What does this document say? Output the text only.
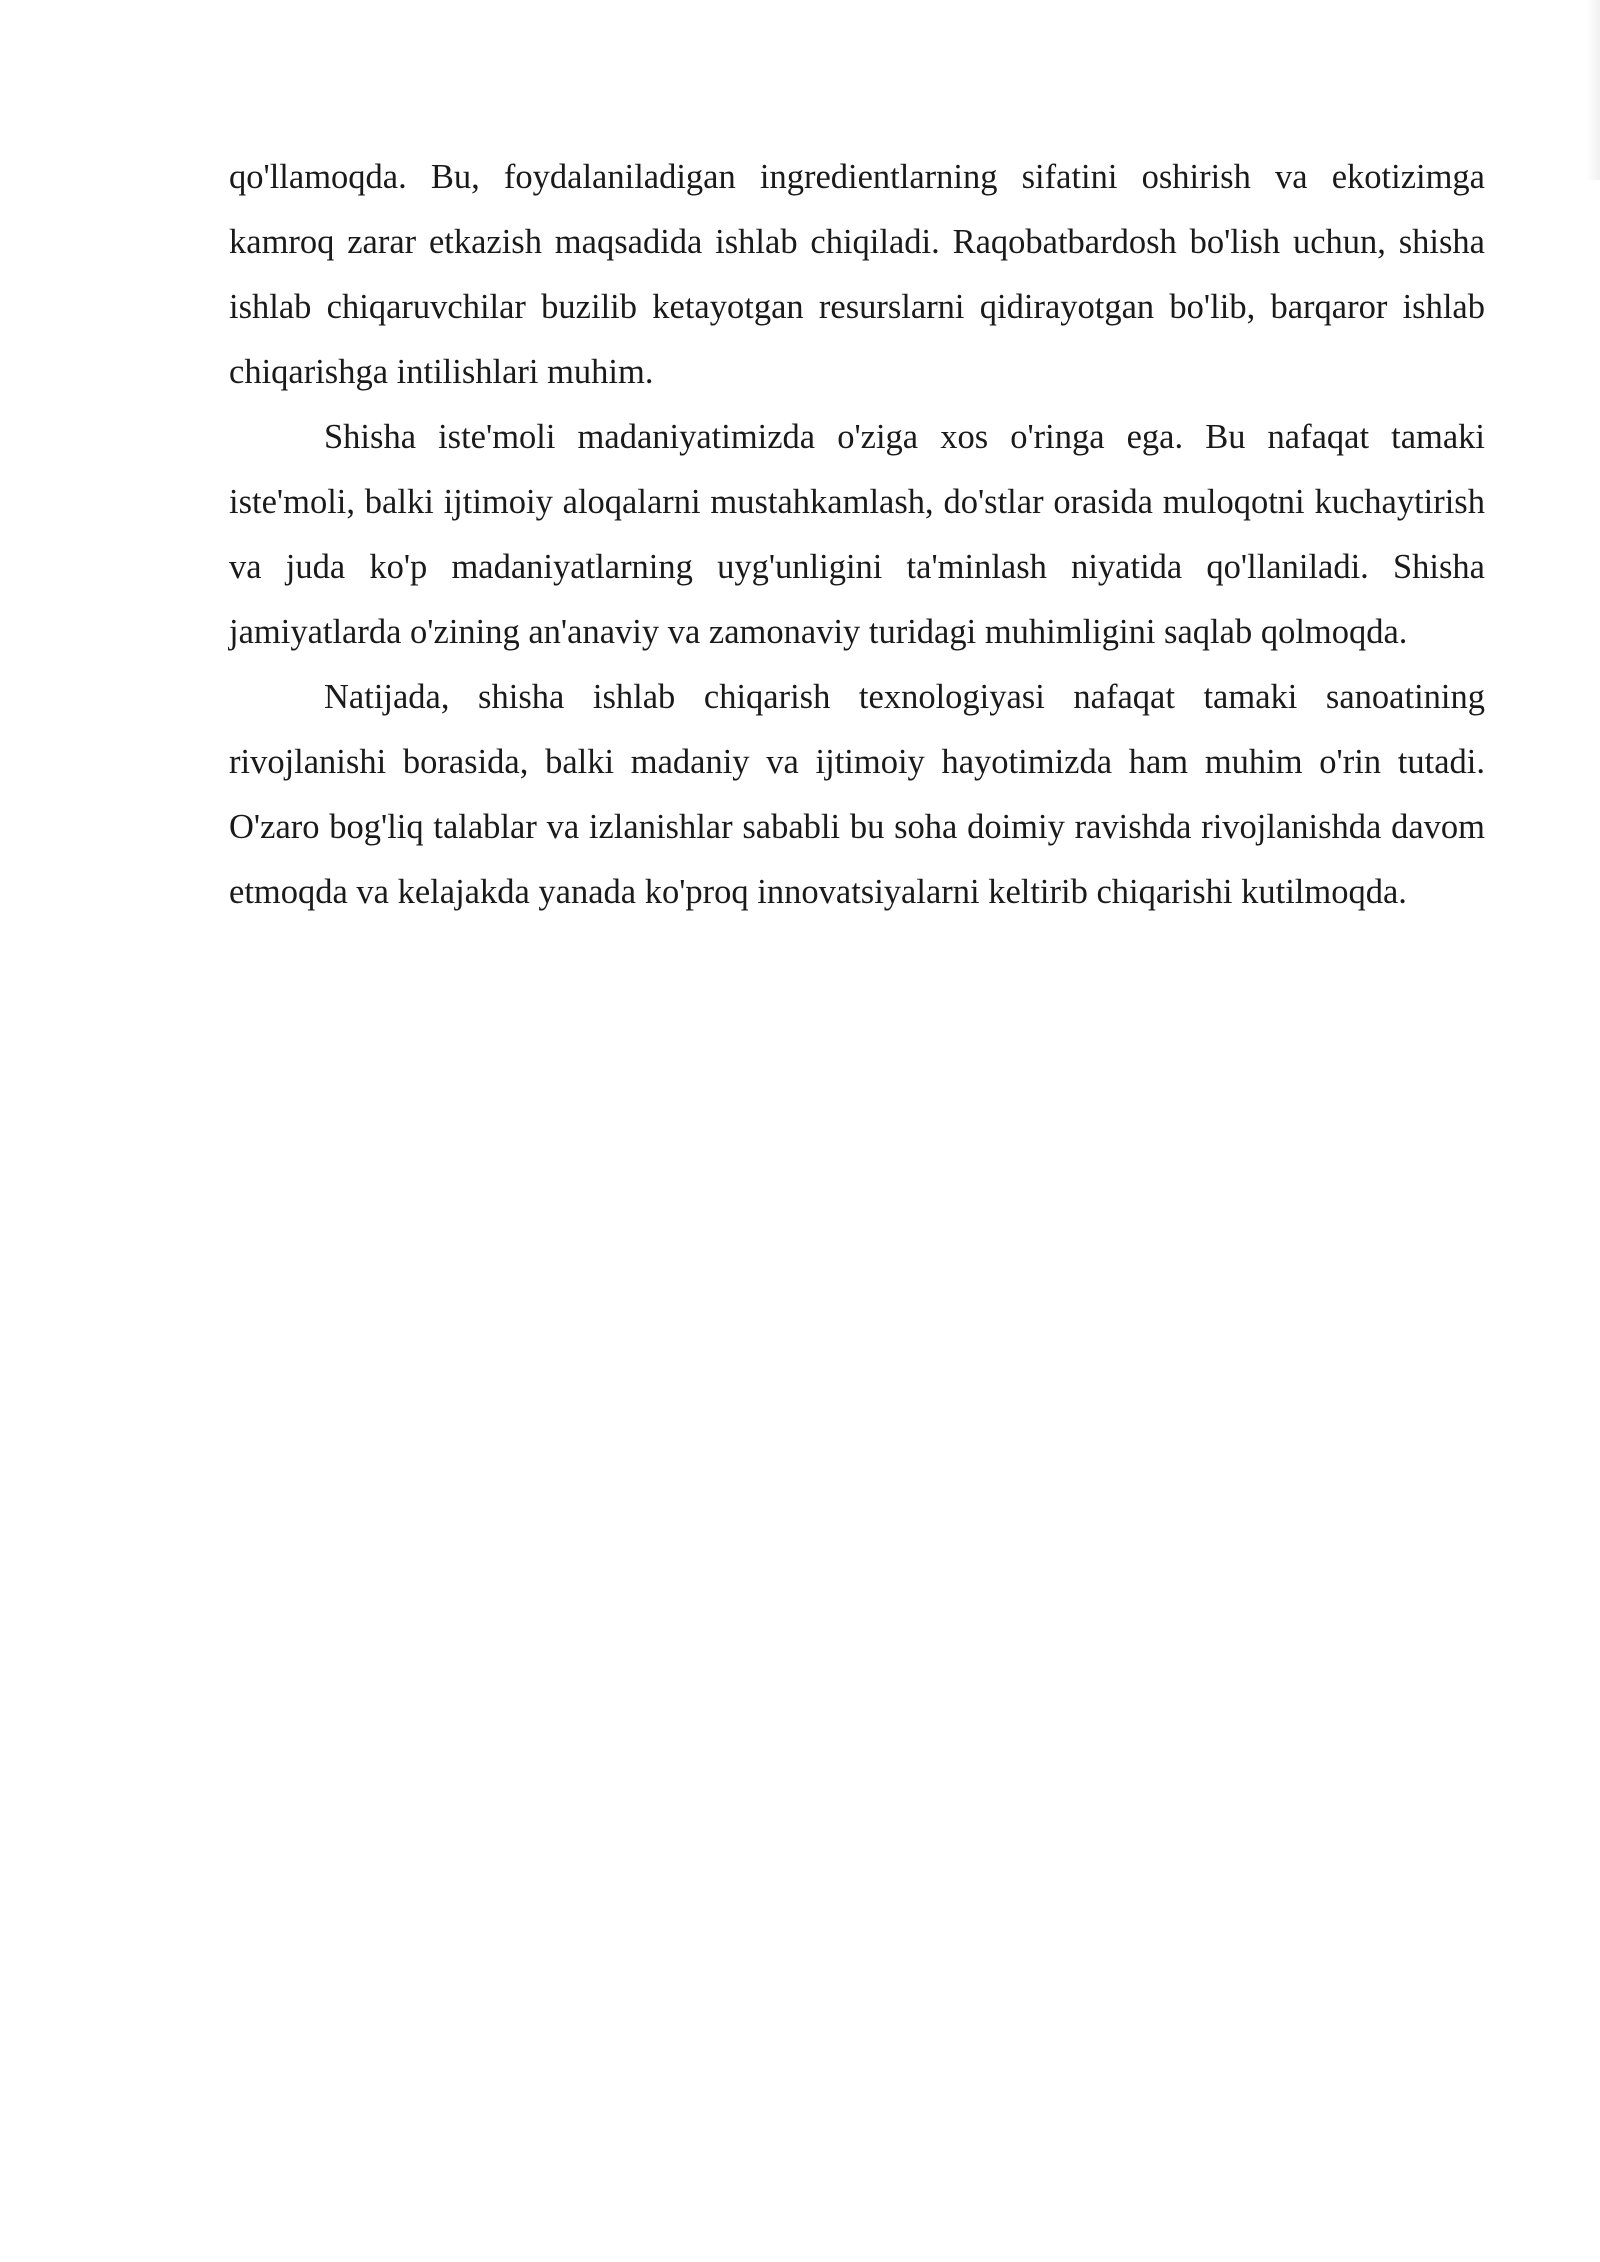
qo'llamoqda. Bu, foydalaniladigan ingredientlarning sifatini oshirish va ekotizimga kamroq zarar etkazish maqsadida ishlab chiqiladi. Raqobatbardosh bo'lish uchun, shisha ishlab chiqaruvchilar buzilib ketayotgan resurslarni qidirayotgan bo'lib, barqaror ishlab chiqarishga intilishlari muhim.

Shisha iste'moli madaniyatimizda o'ziga xos o'ringa ega. Bu nafaqat tamaki iste'moli, balki ijtimoiy aloqalarni mustahkamlash, do'stlar orasida muloqotni kuchaytirish va juda ko'p madaniyatlarning uyg'unligini ta'minlash niyatida qo'llaniladi. Shisha jamiyatlarda o'zining an'anaviy va zamonaviy turidagi muhimligini saqlab qolmoqda.

Natijada, shisha ishlab chiqarish texnologiyasi nafaqat tamaki sanoatining rivojlanishi borasida, balki madaniy va ijtimoiy hayotimizda ham muhim o'rin tutadi. O'zaro bog'liq talablar va izlanishlar sababli bu soha doimiy ravishda rivojlanishda davom etmoqda va kelajakda yanada ko'proq innovatsiyalarni keltirib chiqarishi kutilmoqda.
